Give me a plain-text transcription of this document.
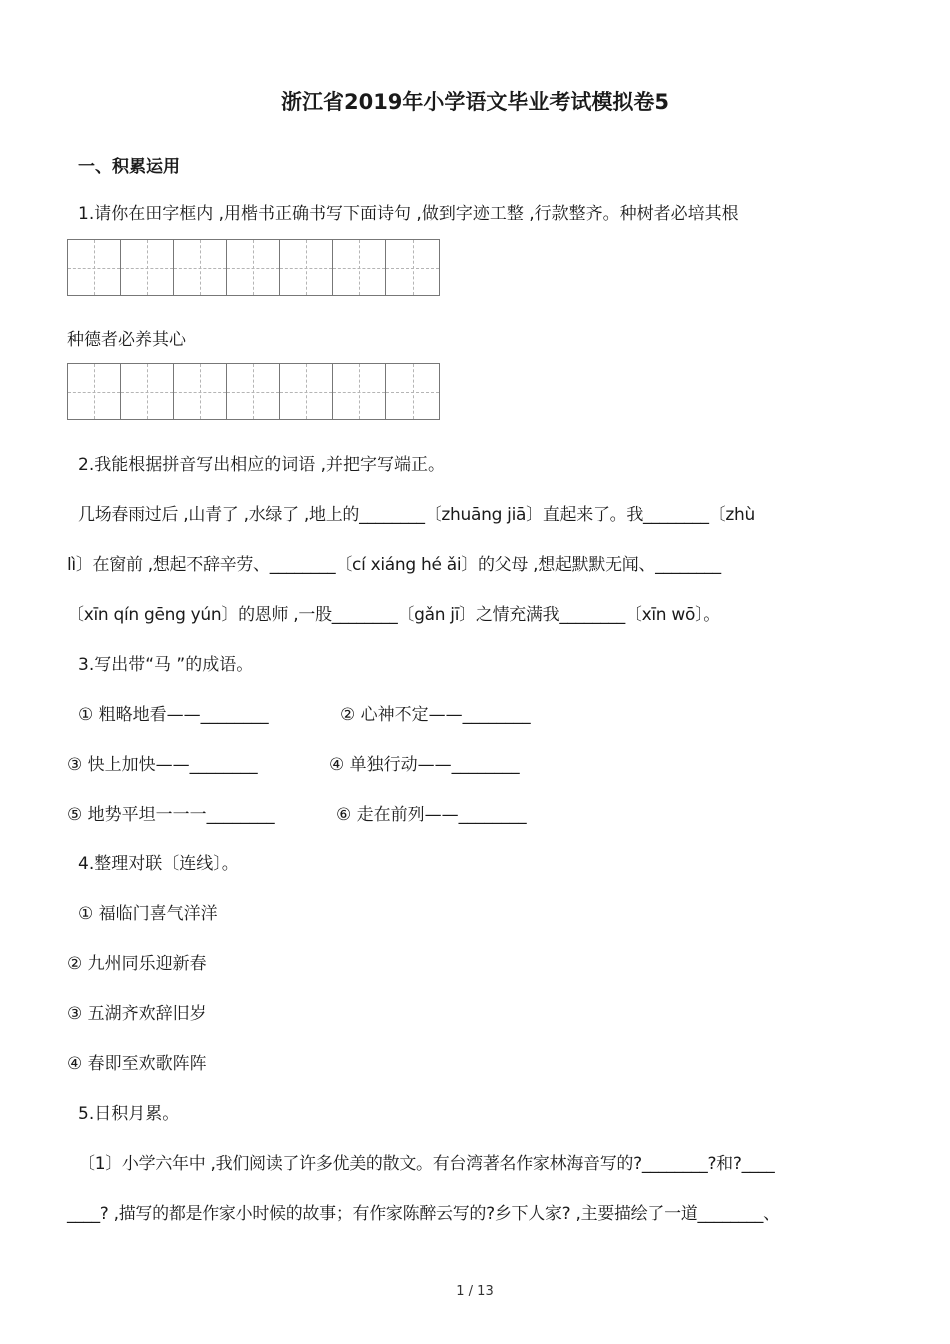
浙江省2019年小学语文毕业考试模拟卷5
一、积累运用
1.请你在田字框内 ,用楷书正确书写下面诗句 ,做到字迹工整 ,行款整齐。种树者必培其根
种德者必养其心
2.我能根据拼音写出相应的词语 ,并把字写端正。
几场春雨过后 ,山青了 ,水绿了 ,地上的________〔zhuāng jiā〕直起来了。我________〔zhù
lì〕在窗前 ,想起不辞辛劳、________〔cí xiáng hé ǎi〕的父母 ,想起默默无闻、________
〔xīn qín gēng yún〕的恩师 ,一股________〔gǎn jī〕之情充满我________〔xīn wō〕。
3.写出带“马 ”的成语。
① 粗略地看——________	② 心神不定——________
③ 快上加快——________	④ 单独行动——________
⑤ 地势平坦一一一________	⑥ 走在前列——________
4.整理对联〔连线〕。
① 福临门喜气洋洋
② 九州同乐迎新春
③ 五湖齐欢辞旧岁
④ 春即至欢歌阵阵
5.日积月累。
〔1〕小学六年中 ,我们阅读了许多优美的散文。有台湾著名作家林海音写的?________?和?____
____? ,描写的都是作家小时候的故事；有作家陈醉云写的?乡下人家? ,主要描绘了一道________、
1 / 13
